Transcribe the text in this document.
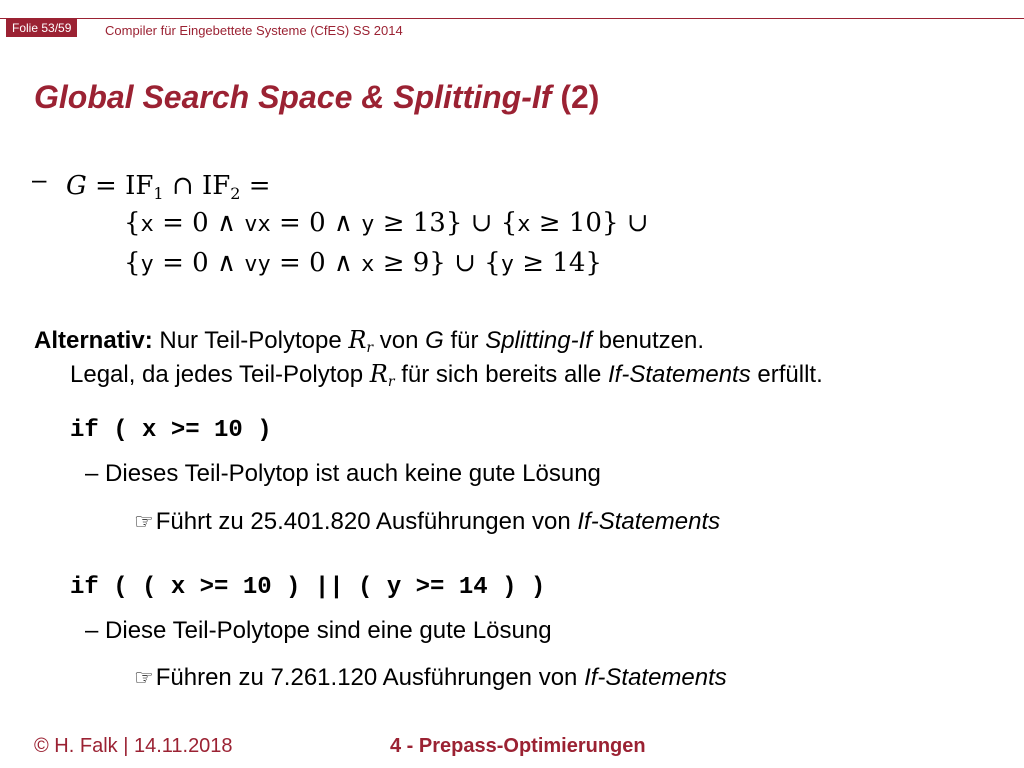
Folie 53/59	Compiler für Eingebettete Systeme (CfES) SS 2014
Global Search Space & Splitting-If (2)
– $G = IF_1$ ∩ $IF_2$ =
{x = 0 ∧ vx = 0 ∧ y ≥ 13} ∪ {x ≥ 10} ∪
{y = 0 ∧ vy = 0 ∧ x ≥ 9} ∪ {y ≥ 14}
Alternativ: Nur Teil-Polytope $R_r$ von G für Splitting-If benutzen.
Legal, da jedes Teil-Polytop $R_r$ für sich bereits alle If-Statements erfüllt.
if ( x >= 10 )
– Dieses Teil-Polytop ist auch keine gute Lösung
☞Führt zu 25.401.820 Ausführungen von If-Statements
if ( ( x >= 10 ) || ( y >= 14 ) )
– Diese Teil-Polytope sind eine gute Lösung
☞Führen zu 7.261.120 Ausführungen von If-Statements
© H. Falk | 14.11.2018	4 - Prepass-Optimierungen
